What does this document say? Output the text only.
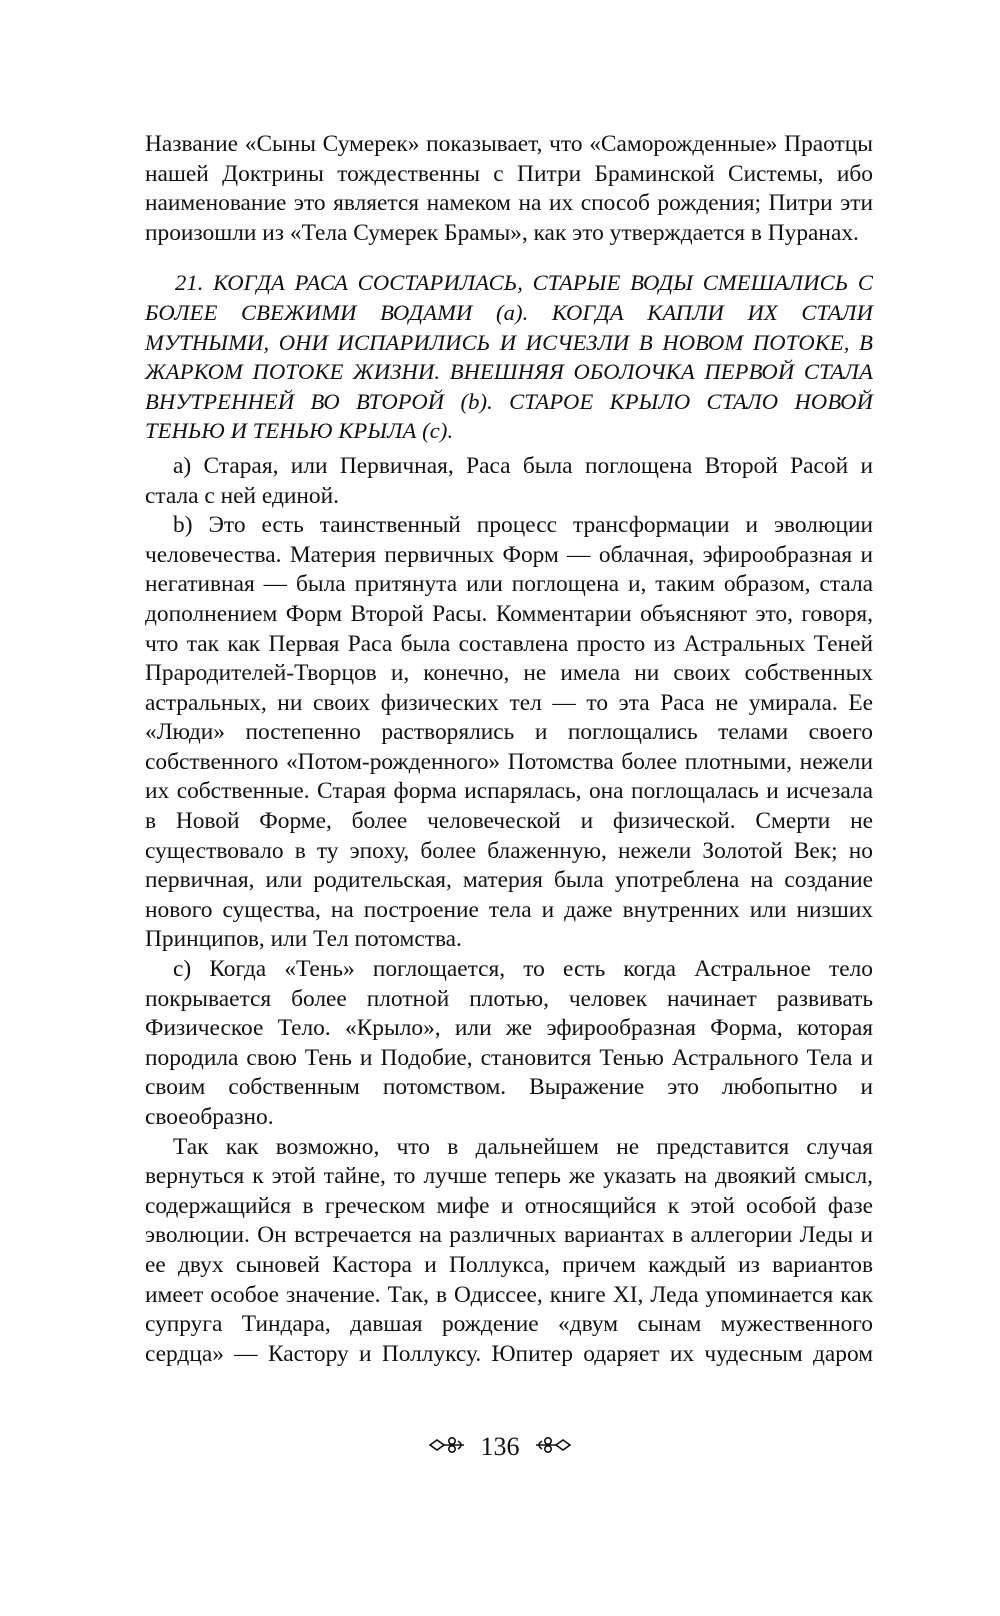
Название «Сыны Сумерек» показывает, что «Саморожденные» Праотцы нашей Доктрины тождественны с Питри Браминской Системы, ибо наименование это является намеком на их способ рождения; Питри эти произошли из «Тела Сумерек Брамы», как это утверждается в Пуранах.

21. КОГДА РАСА СОСТАРИЛАСЬ, СТАРЫЕ ВОДЫ СМЕШАЛИСЬ С БОЛЕЕ СВЕЖИМИ ВОДАМИ (a). КОГДА КАПЛИ ИХ СТАЛИ МУТНЫМИ, ОНИ ИСПАРИЛИСЬ И ИСЧЕЗЛИ В НОВОМ ПОТОКЕ, В ЖАРКОМ ПОТОКЕ ЖИЗНИ. ВНЕШНЯЯ ОБОЛОЧКА ПЕРВОЙ СТАЛА ВНУТРЕННЕЙ ВО ВТОРОЙ (b). СТАРОЕ КРЫЛО СТАЛО НОВОЙ ТЕНЬЮ И ТЕНЬЮ КРЫЛА (c).

a) Старая, или Первичная, Раса была поглощена Второй Расой и стала с ней единой.

b) Это есть таинственный процесс трансформации и эволюции человечества. Материя первичных Форм — облачная, эфирообразная и негативная — была притянута или поглощена и, таким образом, стала дополнением Форм Второй Расы. Комментарии объясняют это, говоря, что так как Первая Раса была составлена просто из Астральных Теней Прародителей-Творцов и, конечно, не имела ни своих собственных астральных, ни своих физических тел — то эта Раса не умирала. Ее «Люди» постепенно растворялись и поглощались телами своего собственного «Потом-рожденного» Потомства более плотными, нежели их собственные. Старая форма испарялась, она поглощалась и исчезала в Новой Форме, более человеческой и физической. Смерти не существовало в ту эпоху, более блаженную, нежели Золотой Век; но первичная, или родительская, материя была употреблена на создание нового существа, на построение тела и даже внутренних или низших Принципов, или Тел потомства.

c) Когда «Тень» поглощается, то есть когда Астральное тело покрывается более плотной плотью, человек начинает развивать Физическое Тело. «Крыло», или же эфирообразная Форма, которая породила свою Тень и Подобие, становится Тенью Астрального Тела и своим собственным потомством. Выражение это любопытно и своеобразно.

Так как возможно, что в дальнейшем не представится случая вернуться к этой тайне, то лучше теперь же указать на двоякий смысл, содержащийся в греческом мифе и относящийся к этой особой фазе эволюции. Он встречается на различных вариантах в аллегории Леды и ее двух сыновей Кастора и Поллукса, причем каждый из вариантов имеет особое значение. Так, в Одиссее, книге XI, Леда упоминается как супруга Тиндара, давшая рождение «двум сынам мужественного сердца» — Кастору и Поллуксу. Юпитер одаряет их чудесным даром

136
